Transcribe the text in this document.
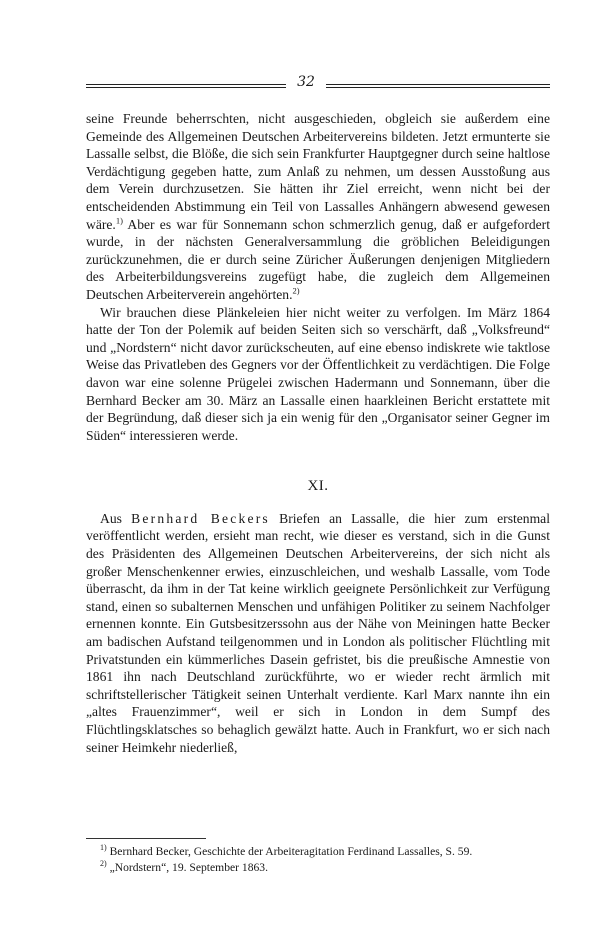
32

seine Freunde beherrschten, nicht ausgeschieden, obgleich sie außerdem eine Gemeinde des Allgemeinen Deutschen Arbeitervereins bildeten. Jetzt ermunterte sie Lassalle selbst, die Blöße, die sich sein Frankfurter Hauptgegner durch seine haltlose Verdächtigung gegeben hatte, zum Anlaß zu nehmen, um dessen Ausstoßung aus dem Verein durchzusetzen. Sie hätten ihr Ziel erreicht, wenn nicht bei der entscheidenden Abstimmung ein Teil von Lassalles Anhängern abwesend gewesen wäre.$^{1)}$ Aber es war für Sonnemann schon schmerzlich genug, daß er aufgefordert wurde, in der nächsten Generalversammlung die gröblichen Beleidigungen zurückzunehmen, die er durch seine Züricher Äußerungen denjenigen Mitgliedern des Arbeiterbildungsvereins zugefügt habe, die zugleich dem Allgemeinen Deutschen Arbeiterverein angehörten.$^{2)}$

Wir brauchen diese Plänkeleien hier nicht weiter zu verfolgen. Im März 1864 hatte der Ton der Polemik auf beiden Seiten sich so verschärft, daß „Volksfreund“ und „Nordstern“ nicht davor zurückscheuten, auf eine ebenso indiskrete wie taktlose Weise das Privatleben des Gegners vor der Öffentlichkeit zu verdächtigen. Die Folge davon war eine solenne Prügelei zwischen Hadermann und Sonnemann, über die Bernhard Becker am 30. März an Lassalle einen haarkleinen Bericht erstattete mit der Begründung, daß dieser sich ja ein wenig für den „Organisator seiner Gegner im Süden“ interessieren werde.

XI.

Aus Bernhard Beckers Briefen an Lassalle, die hier zum erstenmal veröffentlicht werden, ersieht man recht, wie dieser es verstand, sich in die Gunst des Präsidenten des Allgemeinen Deutschen Arbeitervereins, der sich nicht als großer Menschenkenner erwies, einzuschleichen, und weshalb Lassalle, vom Tode überrascht, da ihm in der Tat keine wirklich geeignete Persönlichkeit zur Verfügung stand, einen so subalternen Menschen und unfähigen Politiker zu seinem Nachfolger ernennen konnte. Ein Gutsbesitzerssohn aus der Nähe von Meiningen hatte Becker am badischen Aufstand teilgenommen und in London als politischer Flüchtling mit Privatstunden ein kümmerliches Dasein gefristet, bis die preußische Amnestie von 1861 ihn nach Deutschland zurückführte, wo er wieder recht ärmlich mit schriftstellerischer Tätigkeit seinen Unterhalt verdiente. Karl Marx nannte ihn ein „altes Frauenzimmer“, weil er sich in London in dem Sumpf des Flüchtlingsklatsches so behaglich gewälzt hatte. Auch in Frankfurt, wo er sich nach seiner Heimkehr niederließ,

$^{1)}$ Bernhard Becker, Geschichte der Arbeiteragitation Ferdinand Lassalles, S. 59.
$^{2)}$ „Nordstern“, 19. September 1863.
